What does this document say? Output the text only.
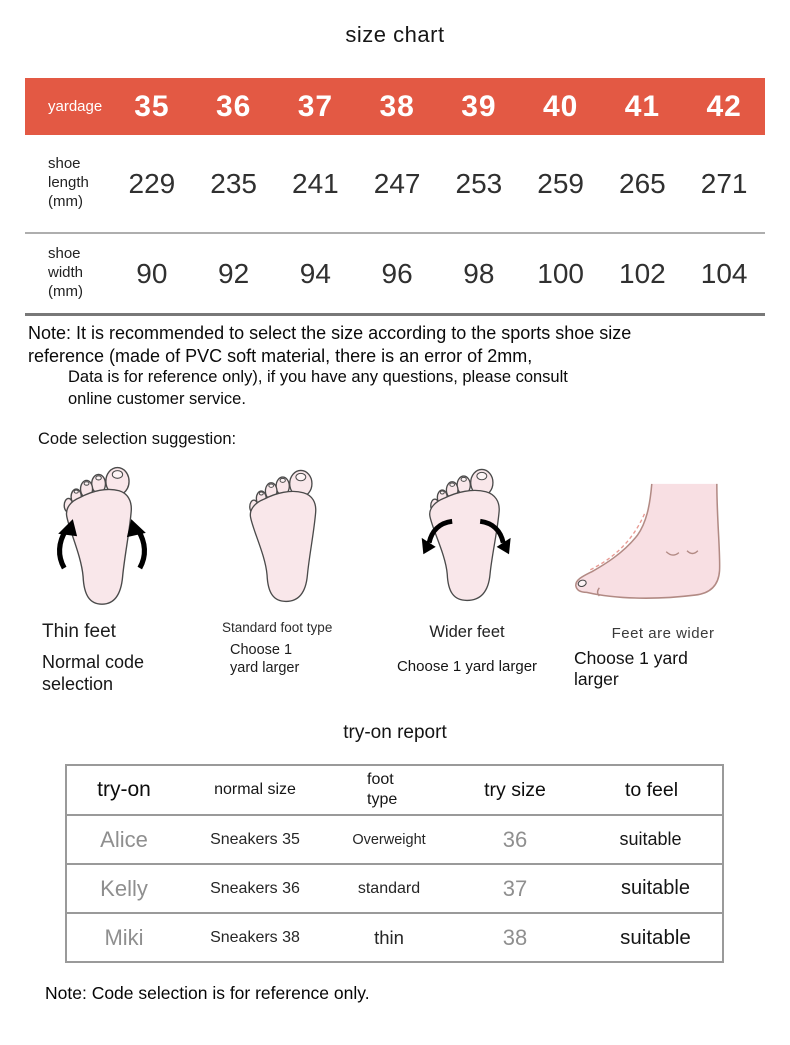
size chart
yardage	35	36	37	38	39	40	41	42
shoe length
(mm)
229	235	241	247	253	259	265	271
shoe width
(mm)
90	92	94	96	98	100	102	104
Note: It is recommended to select the size according to the sports shoe size
reference (made of PVC soft material, there is an error of 2mm,
Data is for reference only), if you have any questions, please consult
online customer service.
Code selection suggestion:
Thin feet
Normal code selection
Standard foot type
Choose 1 yard larger
Wider feet
Choose 1 yard larger
Feet are wider
Choose 1 yard larger
try-on report
try-on	normal size	foot type	try size	to feel
Alice	Sneakers 35	Overweight	36	suitable
Kelly	Sneakers 36	standard	37	suitable
Miki	Sneakers 38	thin	38	suitable
Note: Code selection is for reference only.
